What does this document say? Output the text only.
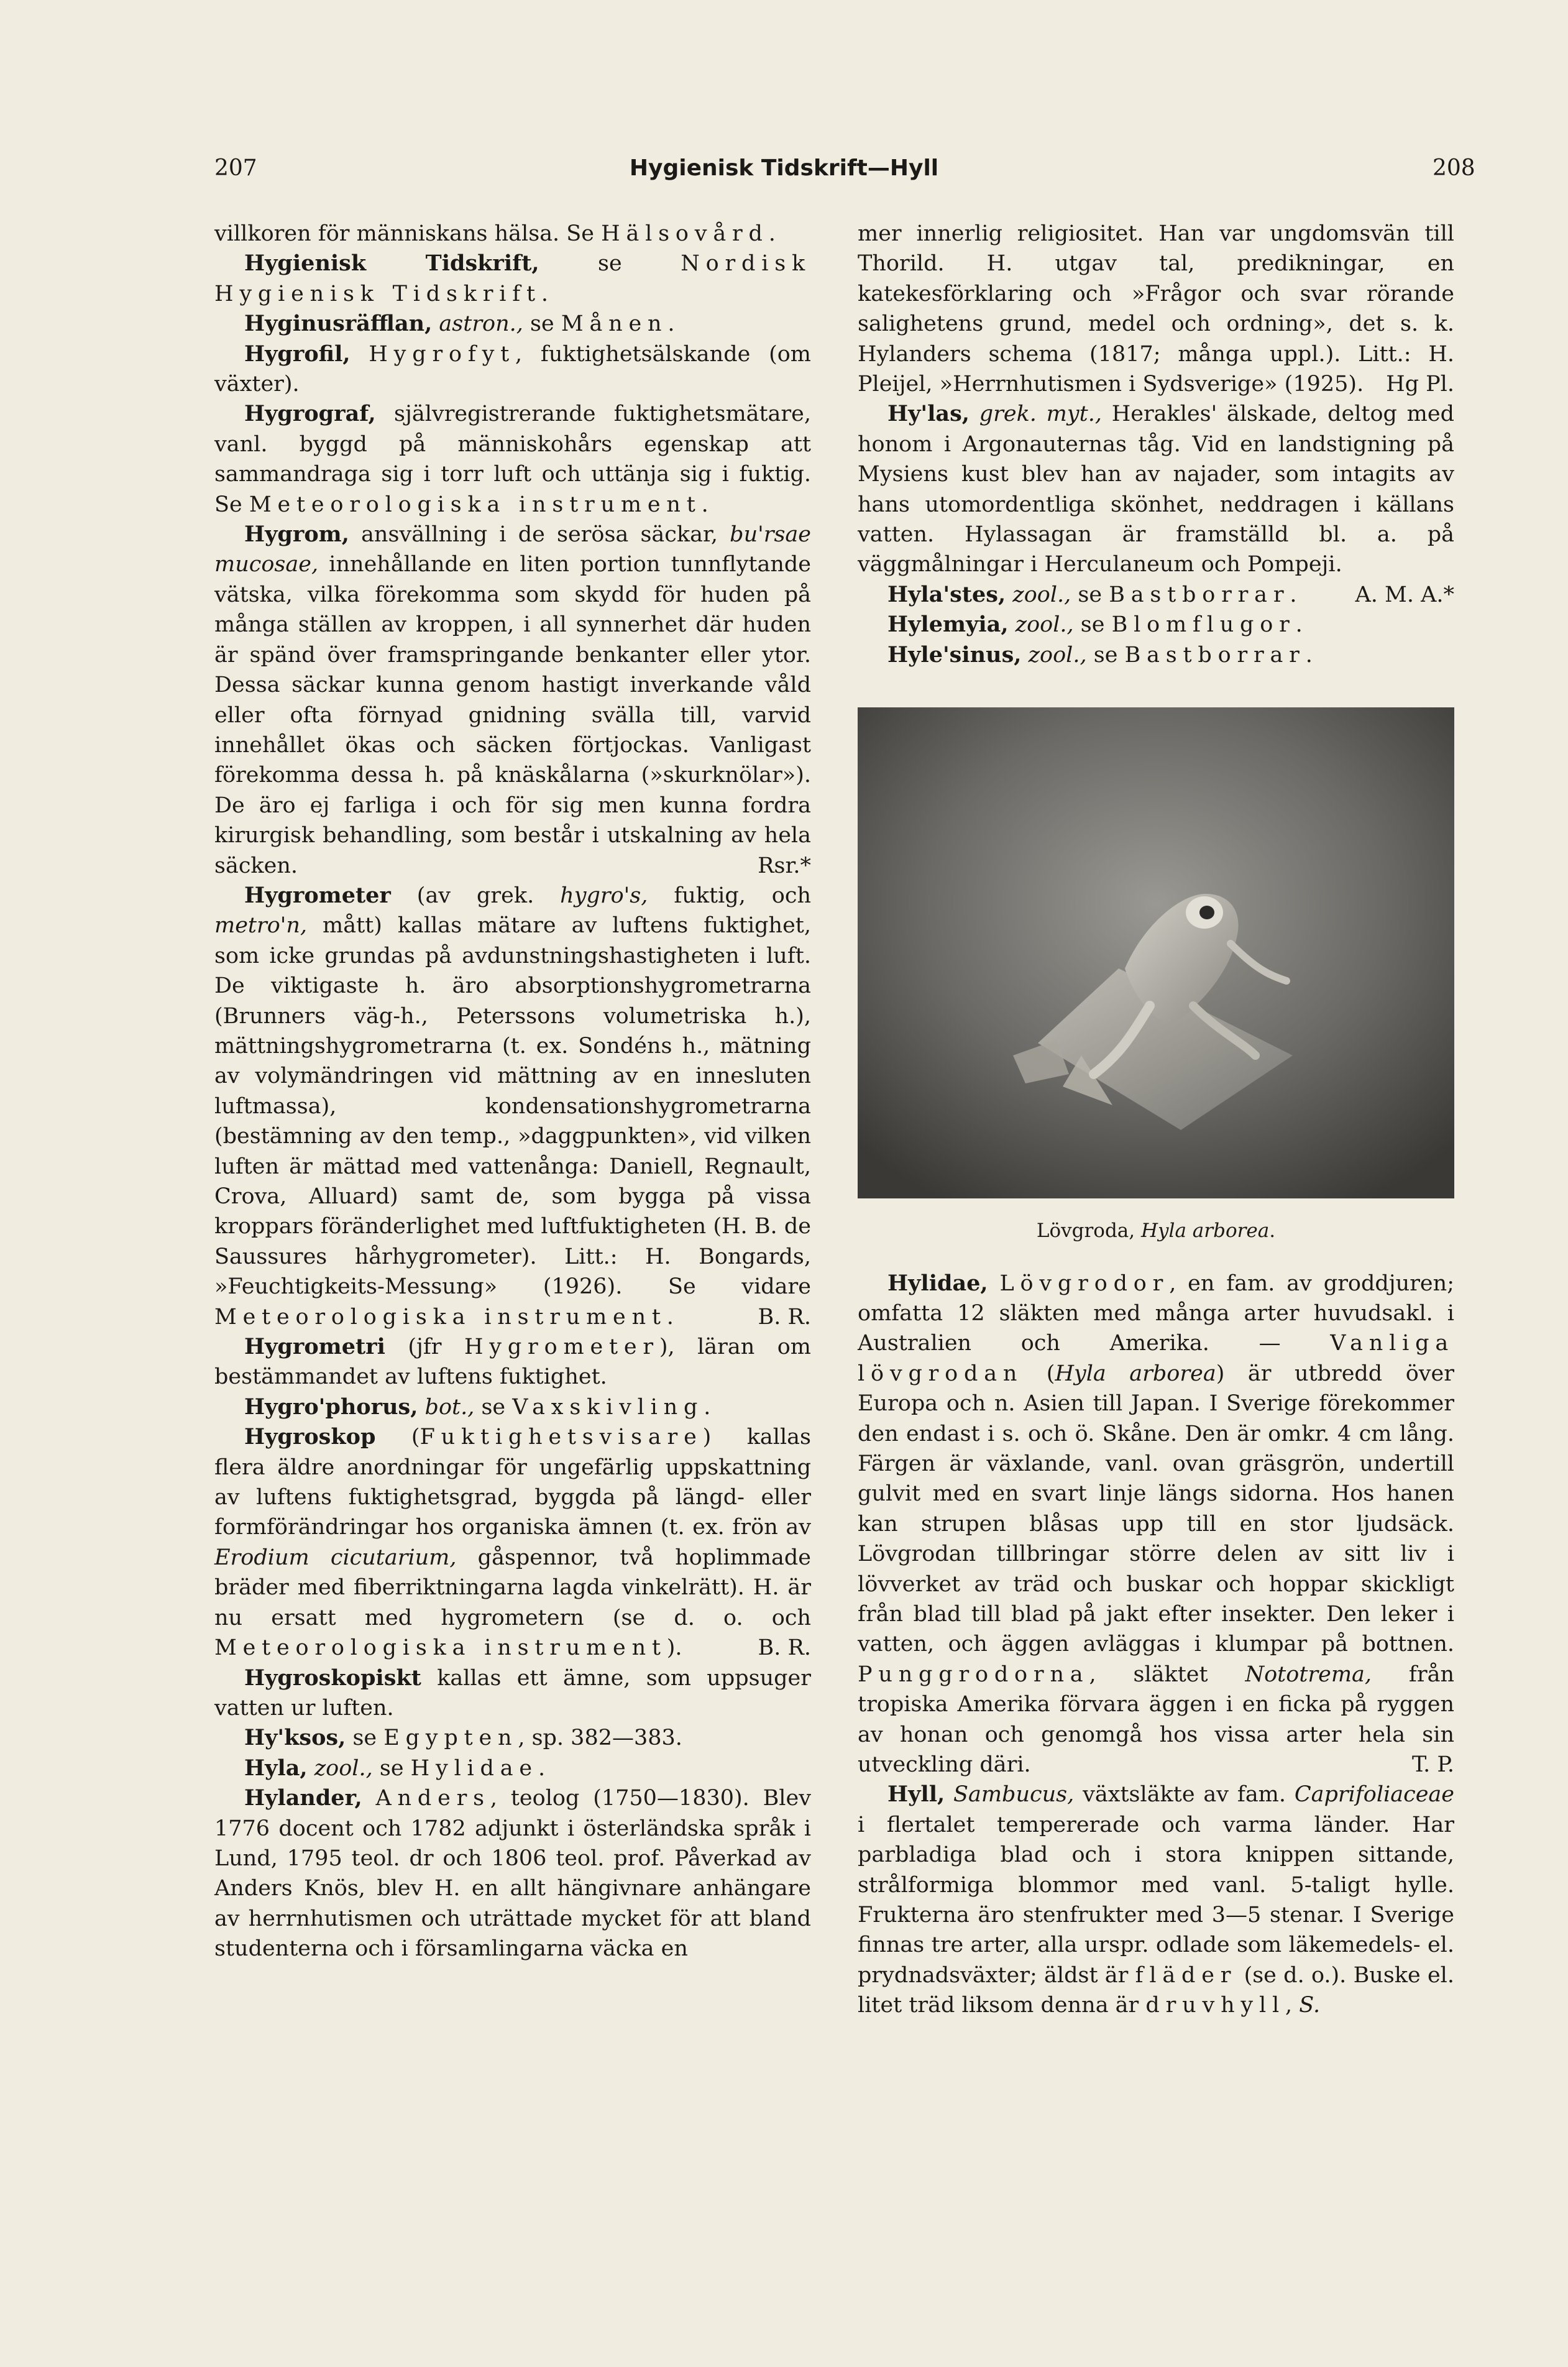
207	Hygienisk Tidskrift—Hyll	208

villkoren för människans hälsa. Se Hälsovård.

Hygienisk Tidskrift, se Nordisk Hygienisk Tidskrift.

Hyginusräfflan, astron., se Månen.

Hygrofil, Hygrofyt, fuktighetsälskande (om växter).

Hygrograf, självregistrerande fuktighetsmätare, vanl. byggd på människohårs egenskap att sammandraga sig i torr luft och uttänja sig i fuktig. Se Meteorologiska instrument.

Hygrom, ansvällning i de serösa säckar, bu'rsae mucosae, innehållande en liten portion tunnflytande vätska, vilka förekomma som skydd för huden på många ställen av kroppen, i all synnerhet där huden är spänd över framspringande benkanter eller ytor. Dessa säckar kunna genom hastigt inverkande våld eller ofta förnyad gnidning svälla till, varvid innehållet ökas och säcken förtjockas. Vanligast förekomma dessa h. på knäskålarna (»skurknölar»). De äro ej farliga i och för sig men kunna fordra kirurgisk behandling, som består i utskalning av hela säcken.	Rsr.*

Hygrometer (av grek. hygro's, fuktig, och metro'n, mått) kallas mätare av luftens fuktighet, som icke grundas på avdunstningshastigheten i luft. De viktigaste h. äro absorptionshygrometrarna (Brunners väg-h., Peterssons volumetriska h.), mättningshygrometrarna (t. ex. Sondéns h., mätning av volymändringen vid mättning av en innesluten luftmassa), kondensationshygrometrarna (bestämning av den temp., »daggpunkten», vid vilken luften är mättad med vattenånga: Daniell, Regnault, Crova, Alluard) samt de, som bygga på vissa kroppars föränderlighet med luftfuktigheten (H. B. de Saussures hårhygrometer). Litt.: H. Bongards, »Feuchtigkeits-Messung» (1926). Se vidare Meteorologiska instrument.	B. R.

Hygrometri (jfr Hygrometer), läran om bestämmandet av luftens fuktighet.

Hygro'phorus, bot., se Vaxskivling.

Hygroskop (Fuktighetsvisare) kallas flera äldre anordningar för ungefärlig uppskattning av luftens fuktighetsgrad, byggda på längd- eller formförändringar hos organiska ämnen (t. ex. frön av Erodium cicutarium, gåspennor, två hoplimmade bräder med fiberriktningarna lagda vinkelrätt). H. är nu ersatt med hygrometern (se d. o. och Meteorologiska instrument).	B. R.

Hygroskopiskt kallas ett ämne, som uppsuger vatten ur luften.

Hy'ksos, se Egypten, sp. 382—383.

Hyla, zool., se Hylidae.

Hylander, Anders, teolog (1750—1830). Blev 1776 docent och 1782 adjunkt i österländska språk i Lund, 1795 teol. dr och 1806 teol. prof. Påverkad av Anders Knös, blev H. en allt hängivnare anhängare av herrnhutismen och uträttade mycket för att bland studenterna och i församlingarna väcka en

mer innerlig religiositet. Han var ungdomsvän till Thorild. H. utgav tal, predikningar, en katekesförklaring och »Frågor och svar rörande salighetens grund, medel och ordning», det s. k. Hylanders schema (1817; många uppl.). Litt.: H. Pleijel, »Herrnhutismen i Sydsverige» (1925). Hg Pl.

Hy'las, grek. myt., Herakles' älskade, deltog med honom i Argonauternas tåg. Vid en landstigning på Mysiens kust blev han av najader, som intagits av hans utomordentliga skönhet, neddragen i källans vatten. Hylassagan är framställd bl. a. på väggmålningar i Herculaneum och Pompeji.
A. M. A.*

Hyla'stes, zool., se Bastborrar.

Hylemyia, zool., se Blomflugor.

Hyle'sinus, zool., se Bastborrar.

Lövgroda, Hyla arborea.

Hylidae, Lövgrodor, en fam. av groddjuren; omfatta 12 släkten med många arter huvudsakl. i Australien och Amerika. — Vanliga lövgrodan (Hyla arborea) är utbredd över Europa och n. Asien till Japan. I Sverige förekommer den endast i s. och ö. Skåne. Den är omkr. 4 cm lång. Färgen är växlande, vanl. ovan gräsgrön, undertill gulvit med en svart linje längs sidorna. Hos hanen kan strupen blåsas upp till en stor ljudsäck. Lövgrodan tillbringar större delen av sitt liv i lövverket av träd och buskar och hoppar skickligt från blad till blad på jakt efter insekter. Den leker i vatten, och äggen avläggas i klumpar på bottnen. Punggrodorna, släktet Nototrema, från tropiska Amerika förvara äggen i en ficka på ryggen av honan och genomgå hos vissa arter hela sin utveckling däri.	T. P.

Hyll, Sambucus, växtsläkte av fam. Caprifoliaceae i flertalet tempererade och varma länder. Har parbladiga blad och i stora knippen sittande, strålformiga blommor med vanl. 5-taligt hylle. Frukterna äro stenfrukter med 3—5 stenar. I Sverige finnas tre arter, alla urspr. odlade som läkemedels- el. prydnadsväxter; äldst är fläder (se d. o.). Buske el. litet träd liksom denna är druvhyll, S.
